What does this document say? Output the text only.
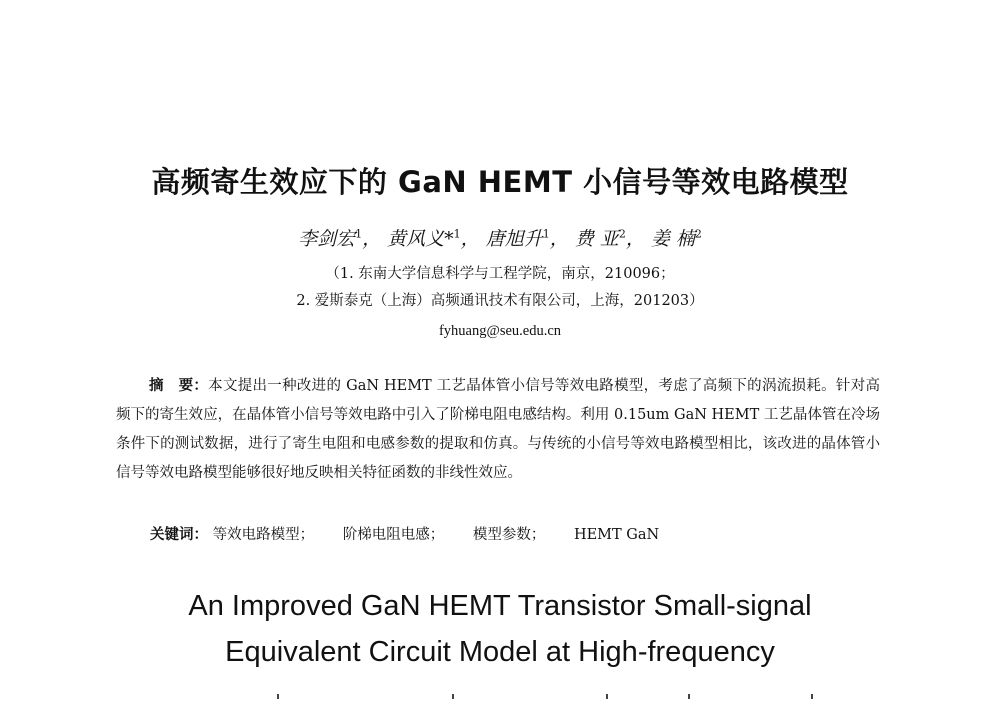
高频寄生效应下的 GaN HEMT 小信号等效电路模型
李剑宏$^1$， 黄风义*$^1$， 唐旭升$^1$， 费 亚$^2$， 姜 楠$^2$
（1. 东南大学信息科学与工程学院，南京，210096；
2. 爱斯泰克（上海）高频通讯技术有限公司，上海，201203）
fyhuang@seu.edu.cn
摘　要：本文提出一种改进的 GaN HEMT 工艺晶体管小信号等效电路模型，考虑了高频下的涡流损耗。针对高频下的寄生效应，在晶体管小信号等效电路中引入了阶梯电阻电感结构。利用 0.15um GaN HEMT 工艺晶体管在冷场条件下的测试数据，进行了寄生电阻和电感参数的提取和仿真。与传统的小信号等效电路模型相比，该改进的晶体管小信号等效电路模型能够很好地反映相关特征函数的非线性效应。
关键词： 等效电路模型； 阶梯电阻电感； 模型参数； HEMT GaN
An Improved GaN HEMT Transistor Small-signal
Equivalent Circuit Model at High-frequency
